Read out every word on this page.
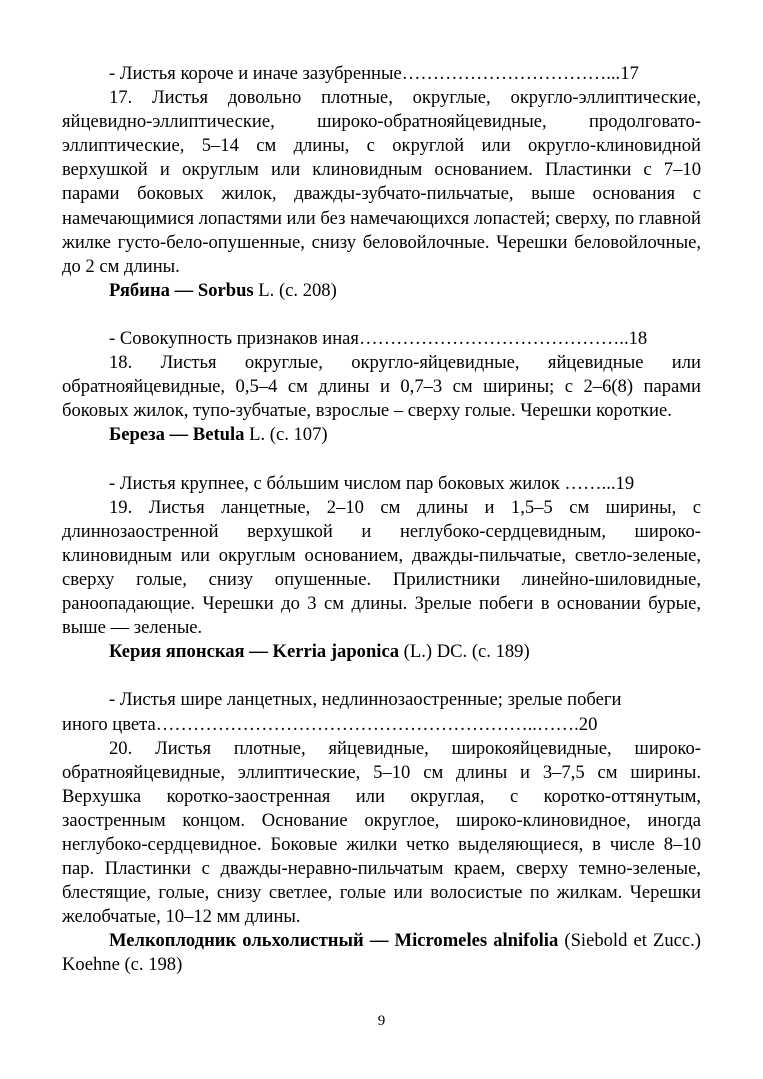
- Листья короче и иначе зазубренные……………………………...17

17. Листья довольно плотные, округлые, округло-эллиптические, яйцевидно-эллиптические, широко-обратнояйцевидные, продолговато-эллиптические, 5–14 см длины, с округлой или округло-клиновидной верхушкой и округлым или клиновидным основанием. Пластинки с 7–10 парами боковых жилок, дважды-зубчато-пильчатые, выше основания с намечающимися лопастями или без намечающихся лопастей; сверху, по главной жилке густо-бело-опушенные, снизу беловойлочные. Черешки беловойлочные, до 2 см длины.

Рябина — Sorbus L. (с. 208)

- Совокупность признаков иная……………………………………..18

18. Листья округлые, округло-яйцевидные, яйцевидные или обратнояйцевидные, 0,5–4 см длины и 0,7–3 см ширины; с 2–6(8) парами боковых жилок, тупо-зубчатые, взрослые – сверху голые. Черешки короткие.

Береза — Betula L. (с. 107)

- Листья крупнее, с бóльшим числом пар боковых жилок ……...19

19. Листья ланцетные, 2–10 см длины и 1,5–5 см ширины, с длиннозаостренной верхушкой и неглубоко-сердцевидным, широко-клиновидным или округлым основанием, дважды-пильчатые, светло-зеленые, сверху голые, снизу опушенные. Прилистники линейно-шиловидные, раноопадающие. Черешки до 3 см длины. Зрелые побеги в основании бурые, выше — зеленые.

Керия японская — Kerria japonica (L.) DC. (с. 189)

- Листья шире ланцетных, недлиннозаостренные; зрелые побеги

иного цвета……………………………………………………..…….20

20. Листья плотные, яйцевидные, широкояйцевидные, широко-обратнояйцевидные, эллиптические, 5–10 см длины и 3–7,5 см ширины. Верхушка коротко-заостренная или округлая, с коротко-оттянутым, заостренным концом. Основание округлое, широко-клиновидное, иногда неглубоко-сердцевидное. Боковые жилки четко выделяющиеся, в числе 8–10 пар. Пластинки с дважды-неравно-пильчатым краем, сверху темно-зеленые, блестящие, голые, снизу светлее, голые или волосистые по жилкам. Черешки желобчатые, 10–12 мм длины.

Мелкоплодник ольхолистный — Micromeles alnifolia (Siebold et Zucc.) Koehne (с. 198)

9
